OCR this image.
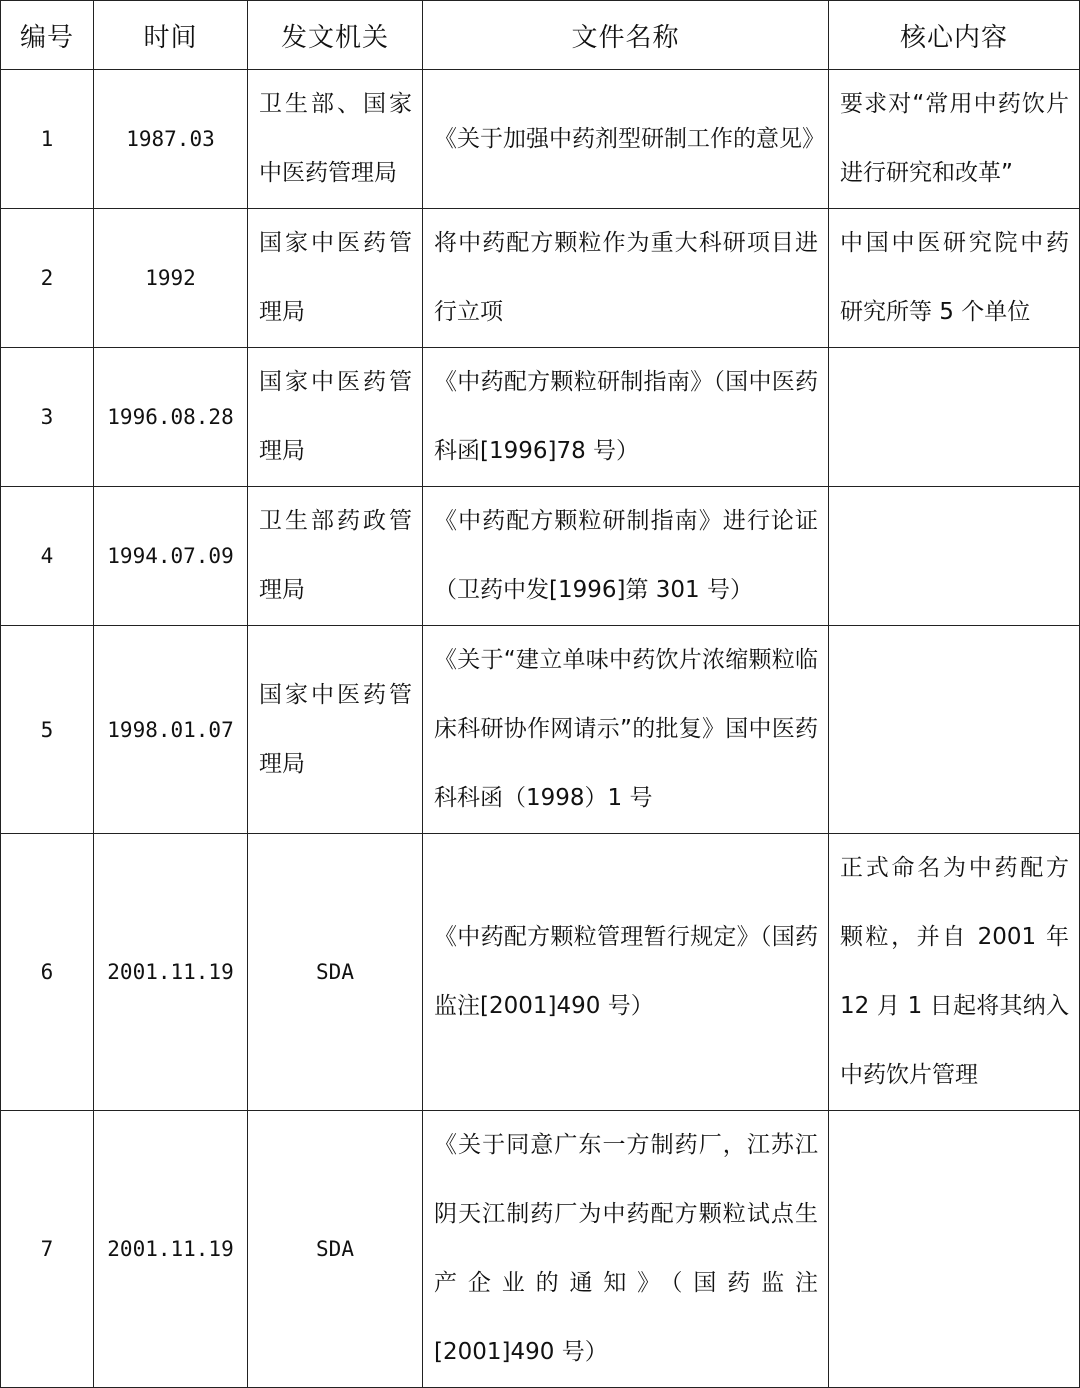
编号	时间	发文机关	文件名称	核心内容
1	1987.03	卫生部、国家中医药管理局	《关于加强中药剂型研制工作的意见》	要求对“常用中药饮片进行研究和改革”

2	1992	国家中医药管理局	将中药配方颗粒作为重大科研项目进行立项	中国中医研究院中药研究所等 5 个单位

3	1996.08.28	国家中医药管理局	《中药配方颗粒研制指南》（国中医药科函[1996]78 号）	

4	1994.07.09	卫生部药政管理局	《中药配方颗粒研制指南》进行论证（卫药中发[1996]第 301 号）	

5	1998.01.07	国家中医药管理局	《关于“建立单味中药饮片浓缩颗粒临床科研协作网请示”的批复》国中医药科科函（1998）1 号	

6	2001.11.19	SDA	《中药配方颗粒管理暂行规定》（国药监注[2001]490 号）	正式命名为中药配方颗粒，并自 2001 年 12 月 1 日起将其纳入中药饮片管理

7	2001.11.19	SDA	《关于同意广东一方制药厂，江苏江阴天江制药厂为中药配方颗粒试点生产企业的通知》（国药监注[2001]490 号）	
